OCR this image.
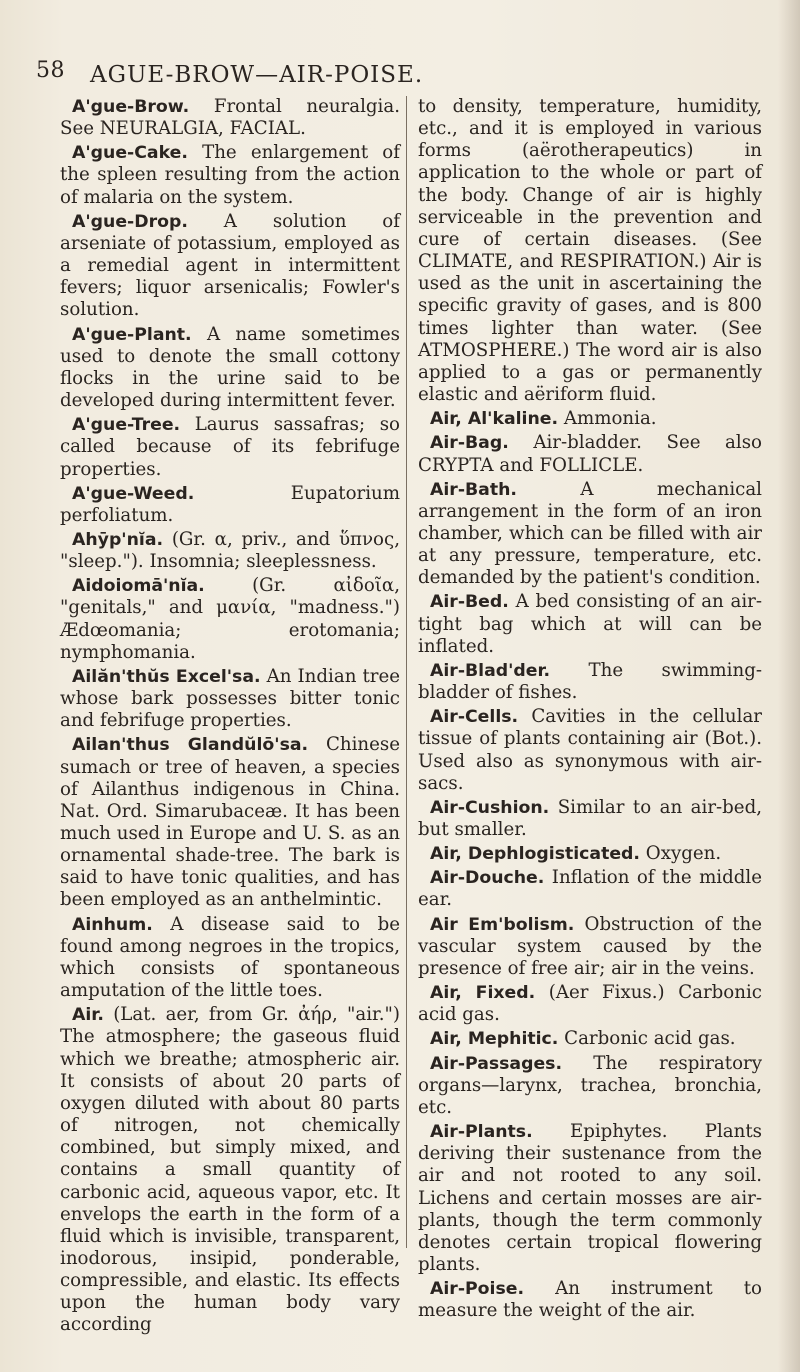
58 AGUE-BROW—AIR-POISE.

A'gue-Brow. Frontal neuralgia. See NEURALGIA, FACIAL.

A'gue-Cake. The enlargement of the spleen resulting from the action of malaria on the system.

A'gue-Drop. A solution of arseniate of potassium, employed as a remedial agent in intermittent fevers; liquor arsenicalis; Fowler's solution.

A'gue-Plant. A name sometimes used to denote the small cottony flocks in the urine said to be developed during intermittent fever.

A'gue-Tree. Laurus sassafras; so called because of its febrifuge properties.

A'gue-Weed.	Eupatorium perfoliatum.

Ahȳp'nĭa. (Gr. α, priv., and ὕπνος, "sleep."). Insomnia; sleeplessness.

Aidoiomā'nĭa.	(Gr. αἰδοῖα, "genitals," and μανία, "madness.") Ædœomania; erotomania; nymphomania.

Ailăn'thŭs Excel'sa. An Indian tree whose bark possesses bitter tonic and febrifuge properties.

Ailan'thus Glandŭlō'sa. Chinese sumach or tree of heaven, a species of Ailanthus indigenous in China. Nat. Ord. Simarubaceæ. It has been much used in Europe and U. S. as an ornamental shade-tree. The bark is said to have tonic qualities, and has been employed as an anthelmintic.

Ainhum. A disease said to be found among negroes in the tropics, which consists of spontaneous amputation of the little toes.

Air. (Lat. aer, from Gr. ἀήρ, "air.") The atmosphere; the gaseous fluid which we breathe; atmospheric air. It consists of about 20 parts of oxygen diluted with about 80 parts of nitrogen, not chemically combined, but simply mixed, and contains a small quantity of carbonic acid, aqueous vapor, etc. It envelops the earth in the form of a fluid which is invisible, transparent, inodorous, insipid, ponderable, compressible, and elastic. Its effects upon the human body vary according

to density, temperature, humidity, etc., and it is employed in various forms (aërotherapeutics) in application to the whole or part of the body. Change of air is highly serviceable in the prevention and cure of certain diseases. (See CLIMATE, and RESPIRATION.) Air is used as the unit in ascertaining the specific gravity of gases, and is 800 times lighter than water. (See ATMOSPHERE.) The word air is also applied to a gas or permanently elastic and aëriform fluid.

Air, Al'kaline. Ammonia.

Air-Bag. Air-bladder. See also CRYPTA and FOLLICLE.

Air-Bath.	A mechanical arrangement in the form of an iron chamber, which can be filled with air at any pressure, temperature, etc. demanded by the patient's condition.

Air-Bed. A bed consisting of an air-tight bag which at will can be inflated.

Air-Blad'der. The swimming-bladder of fishes.

Air-Cells. Cavities in the cellular tissue of plants containing air (Bot.). Used also as synonymous with air-sacs.

Air-Cushion. Similar to an air-bed, but smaller.

Air, Dephlogisticated. Oxygen.

Air-Douche. Inflation of the middle ear.

Air Em'bolism. Obstruction of the vascular system caused by the presence of free air; air in the veins.

Air, Fixed. (Aer Fixus.) Carbonic acid gas.

Air, Mephitic. Carbonic acid gas.

Air-Passages. The respiratory organs—larynx, trachea, bronchia, etc.

Air-Plants. Epiphytes. Plants deriving their sustenance from the air and not rooted to any soil. Lichens and certain mosses are air-plants, though the term commonly denotes certain tropical flowering plants.

Air-Poise. An instrument to measure the weight of the air.
